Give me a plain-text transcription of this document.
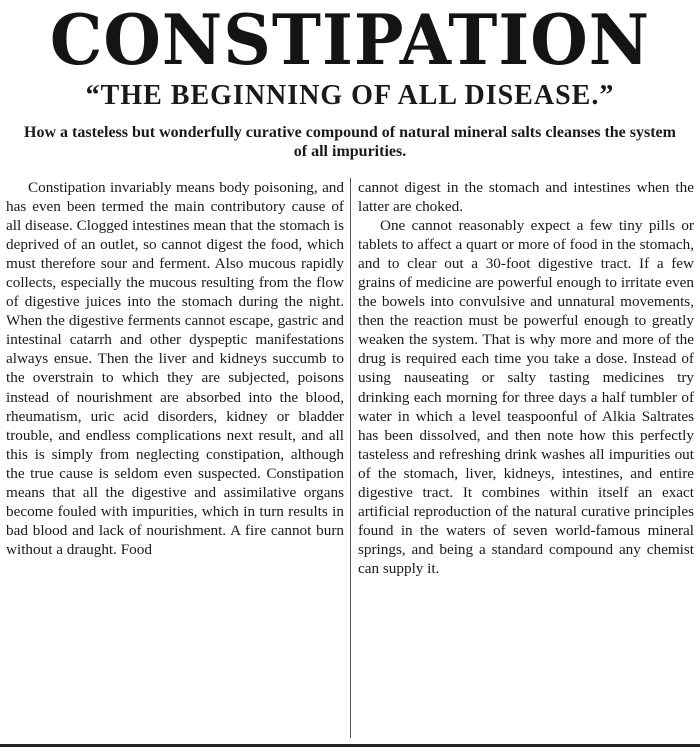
CONSTIPATION
“THE BEGINNING OF ALL DISEASE.”
How a tasteless but wonderfully curative compound of natural mineral salts cleanses the system of all impurities.

Constipation invariably means body poisoning, and has even been termed the main contributory cause of all disease. Clogged intestines mean that the stomach is deprived of an outlet, so cannot digest the food, which must therefore sour and ferment. Also mucous rapidly collects, especially the mucous resulting from the flow of digestive juices into the stomach during the night. When the digestive ferments cannot escape, gastric and intestinal catarrh and other dyspeptic manifestations always ensue. Then the liver and kidneys succumb to the overstrain to which they are subjected, poisons instead of nourishment are absorbed into the blood, rheumatism, uric acid disorders, kidney or bladder trouble, and endless complications next result, and all this is simply from neglecting constipation, although the true cause is seldom even suspected. Constipation means that all the digestive and assimilative organs become fouled with impurities, which in turn results in bad blood and lack of nourishment. A fire cannot burn without a draught. Food

cannot digest in the stomach and intestines when the latter are choked.

One cannot reasonably expect a few tiny pills or tablets to affect a quart or more of food in the stomach, and to clear out a 30-foot digestive tract. If a few grains of medicine are powerful enough to irritate even the bowels into convulsive and unnatural movements, then the reaction must be powerful enough to greatly weaken the system. That is why more and more of the drug is required each time you take a dose. Instead of using nauseating or salty tasting medicines try drinking each morning for three days a half tumbler of water in which a level teaspoonful of Alkia Saltrates has been dissolved, and then note how this perfectly tasteless and refreshing drink washes all impurities out of the stomach, liver, kidneys, intestines, and entire digestive tract. It combines within itself an exact artificial reproduction of the natural curative principles found in the waters of seven world-famous mineral springs, and being a standard compound any chemist can supply it.
